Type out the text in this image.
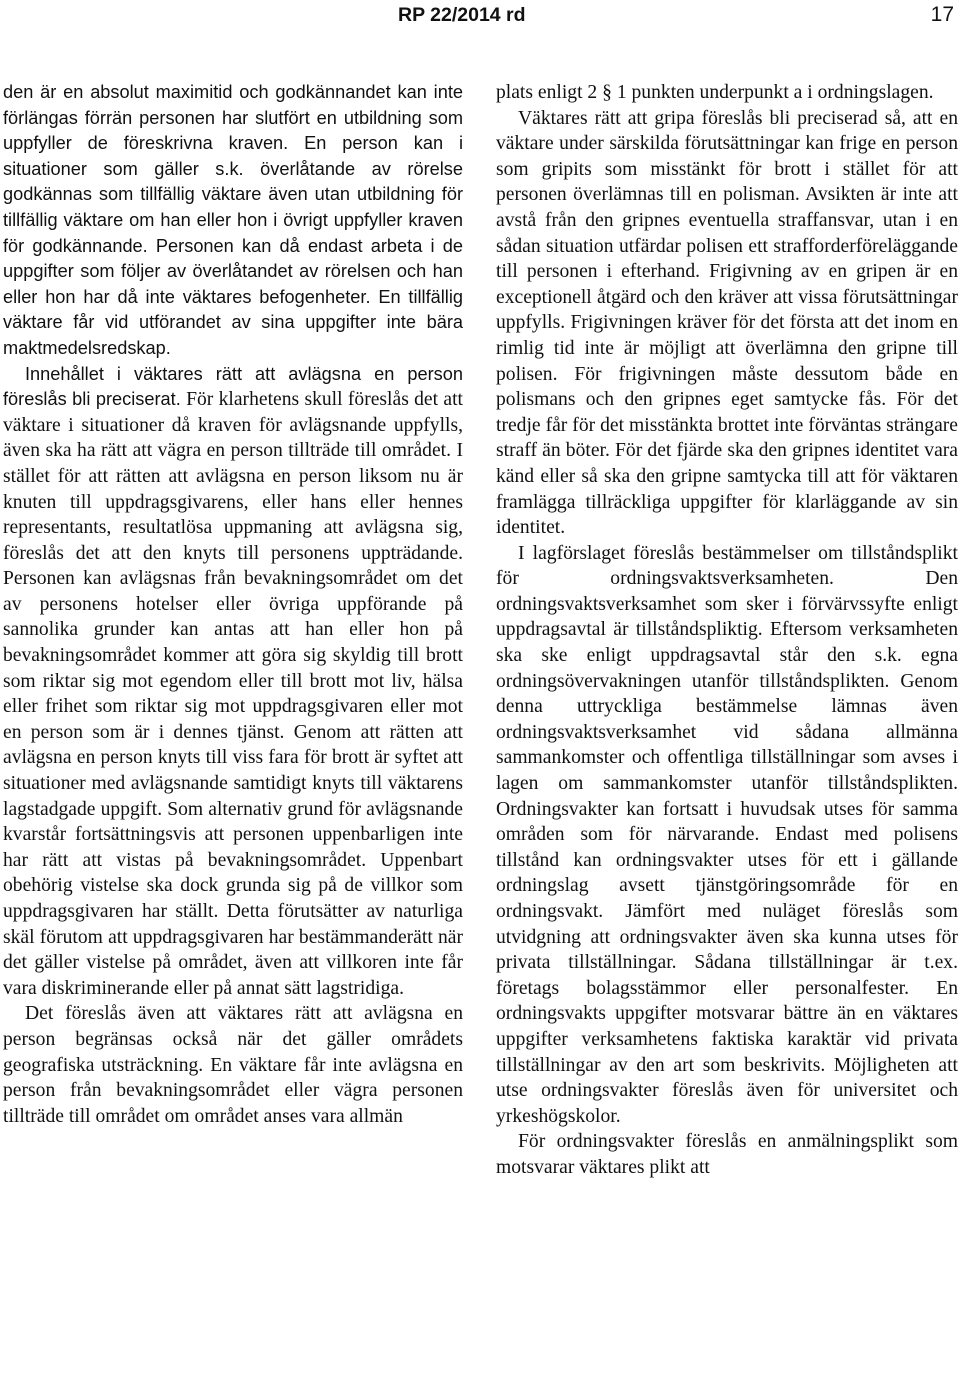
RP 22/2014 rd	17

den är en absolut maximitid och godkännandet kan inte förlängas förrän personen har slutfört en utbildning som uppfyller de föreskrivna kraven. En person kan i situationer som gäller s.k. överlåtande av rörelse godkännas som tillfällig väktare även utan utbildning för tillfällig väktare om han eller hon i övrigt uppfyller kraven för godkännande. Personen kan då endast arbeta i de uppgifter som följer av överlåtandet av rörelsen och han eller hon har då inte väktares befogenheter. En tillfällig väktare får vid utförandet av sina uppgifter inte bära maktmedelsredskap.

Innehållet i väktares rätt att avlägsna en person föreslås bli preciserat. För klarhetens skull föreslås det att väktare i situationer då kraven för avlägsnande uppfylls, även ska ha rätt att vägra en person tillträde till området. I stället för att rätten att avlägsna en person liksom nu är knuten till uppdragsgivarens, eller hans eller hennes representants, resultatlösa uppmaning att avlägsna sig, föreslås det att den knyts till personens uppträdande. Personen kan avlägsnas från bevakningsområdet om det av personens hotelser eller övriga uppförande på sannolika grunder kan antas att han eller hon på bevakningsområdet kommer att göra sig skyldig till brott som riktar sig mot egendom eller till brott mot liv, hälsa eller frihet som riktar sig mot uppdragsgivaren eller mot en person som är i dennes tjänst. Genom att rätten att avlägsna en person knyts till viss fara för brott är syftet att situationer med avlägsnande samtidigt knyts till väktarens lagstadgade uppgift. Som alternativ grund för avlägsnande kvarstår fortsättningsvis att personen uppenbarligen inte har rätt att vistas på bevakningsområdet. Uppenbart obehörig vistelse ska dock grunda sig på de villkor som uppdragsgivaren har ställt. Detta förutsätter av naturliga skäl förutom att uppdragsgivaren har bestämmanderätt när det gäller vistelse på området, även att villkoren inte får vara diskriminerande eller på annat sätt lagstridiga.

Det föreslås även att väktares rätt att avlägsna en person begränsas också när det gäller områdets geografiska utsträckning. En väktare får inte avlägsna en person från bevakningsområdet eller vägra personen tillträde till området om området anses vara allmän

plats enligt 2 § 1 punkten underpunkt a i ordningslagen.

Väktares rätt att gripa föreslås bli preciserad så, att en väktare under särskilda förutsättningar kan frige en person som gripits som misstänkt för brott i stället för att personen överlämnas till en polisman. Avsikten är inte att avstå från den gripnes eventuella straffansvar, utan i en sådan situation utfärdar polisen ett strafforderföreläggande till personen i efterhand. Frigivning av en gripen är en exceptionell åtgärd och den kräver att vissa förutsättningar uppfylls. Frigivningen kräver för det första att det inom en rimlig tid inte är möjligt att överlämna den gripne till polisen. För frigivningen måste dessutom både en polismans och den gripnes eget samtycke fås. För det tredje får för det misstänkta brottet inte förväntas strängare straff än böter. För det fjärde ska den gripnes identitet vara känd eller så ska den gripne samtycka till att för väktaren framlägga tillräckliga uppgifter för klarläggande av sin identitet.

I lagförslaget föreslås bestämmelser om tillståndsplikt för ordningsvaktsverksamheten. Den ordningsvaktsverksamhet som sker i förvärvssyfte enligt uppdragsavtal är tillståndspliktig. Eftersom verksamheten ska ske enligt uppdragsavtal står den s.k. egna ordningsövervakningen utanför tillståndsplikten. Genom denna uttryckliga bestämmelse lämnas även ordningsvaktsverksamhet vid sådana allmänna sammankomster och offentliga tillställningar som avses i lagen om sammankomster utanför tillståndsplikten. Ordningsvakter kan fortsatt i huvudsak utses för samma områden som för närvarande. Endast med polisens tillstånd kan ordningsvakter utses för ett i gällande ordningslag avsett tjänstgöringsområde för en ordningsvakt. Jämfört med nuläget föreslås som utvidgning att ordningsvakter även ska kunna utses för privata tillställningar. Sådana tillställningar är t.ex. företags bolagsstämmor eller personalfester. En ordningsvakts uppgifter motsvarar bättre än en väktares uppgifter verksamhetens faktiska karaktär vid privata tillställningar av den art som beskrivits. Möjligheten att utse ordningsvakter föreslås även för universitet och yrkeshögskolor.

För ordningsvakter föreslås en anmälningsplikt som motsvarar väktares plikt att
